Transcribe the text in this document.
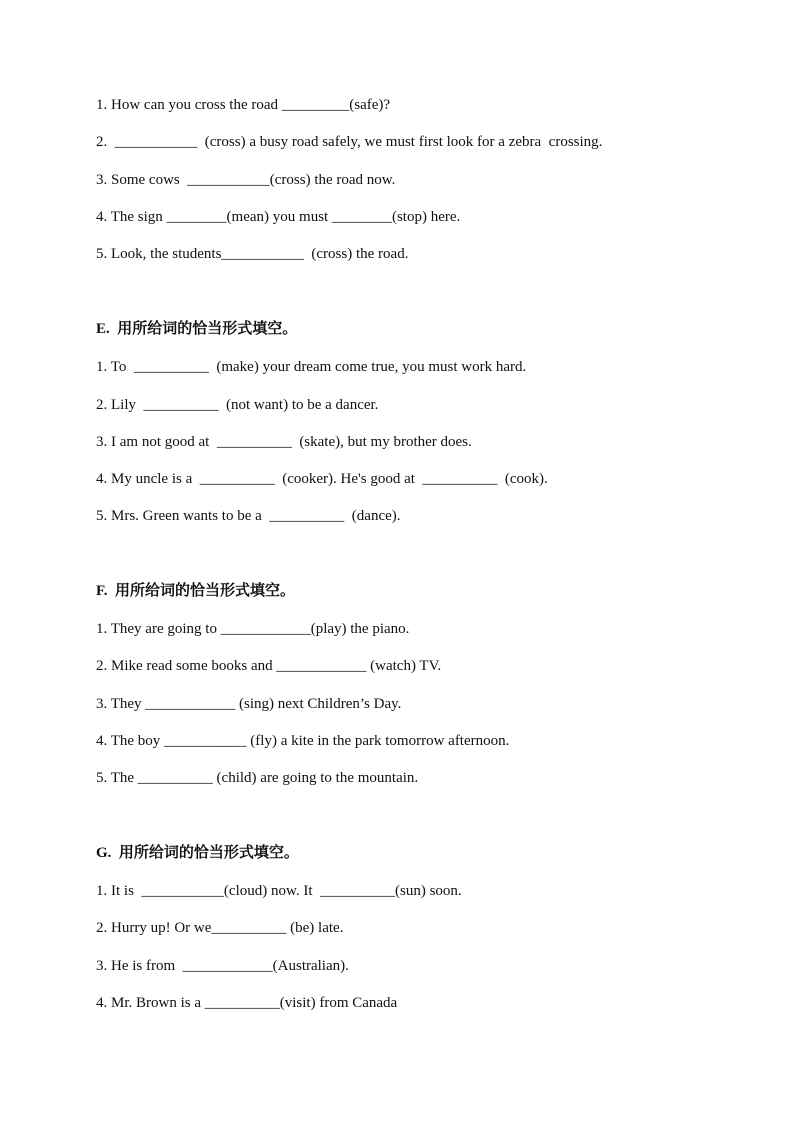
1. How can you cross the road _________(safe)?
2.  ___________  (cross) a busy road safely, we must first look for a zebra  crossing.
3. Some cows  ___________(cross) the road now.
4. The sign ________(mean) you must ________(stop) here.
5. Look, the students___________  (cross) the road.
E.  用所给词的恰当形式填空。
1. To  __________  (make) your dream come true, you must work hard.
2. Lily  __________  (not want) to be a dancer.
3. I am not good at  __________  (skate), but my brother does.
4. My uncle is a  __________  (cooker). He's good at  __________  (cook).
5. Mrs. Green wants to be a  __________  (dance).
F.  用所给词的恰当形式填空。
1. They are going to ____________(play) the piano.
2. Mike read some books and ____________ (watch) TV.
3. They ____________ (sing) next Children’s Day.
4. The boy ___________ (fly) a kite in the park tomorrow afternoon.
5. The __________ (child) are going to the mountain.
G.  用所给词的恰当形式填空。
1. It is  ___________(cloud) now. It  __________(sun) soon.
2. Hurry up! Or we__________ (be) late.
3. He is from  ____________(Australian).
4. Mr. Brown is a __________(visit) from Canada
